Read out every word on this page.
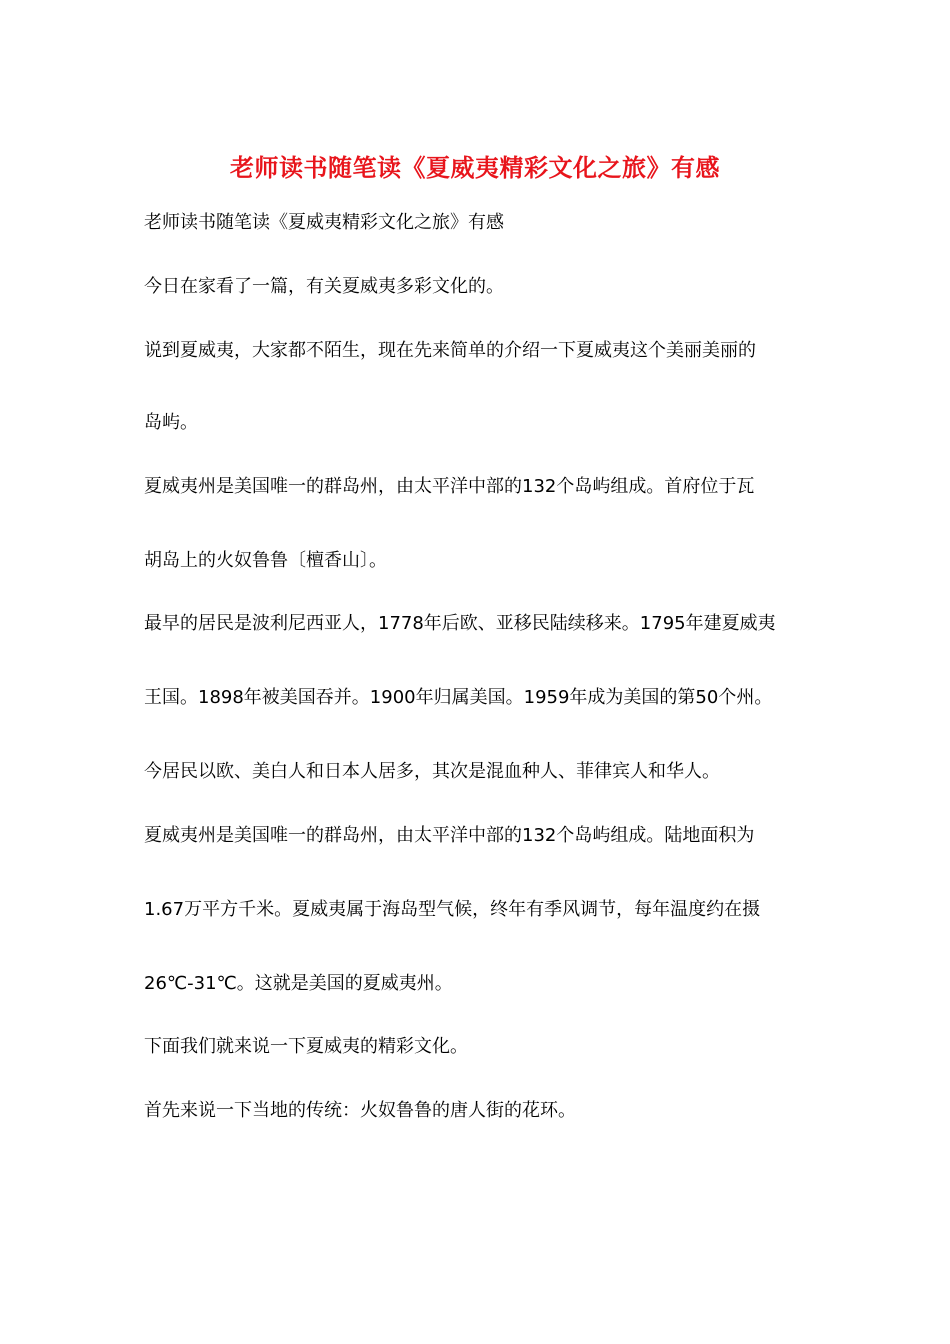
老师读书随笔读《夏威夷精彩文化之旅》有感
老师读书随笔读《夏威夷精彩文化之旅》有感
今日在家看了一篇，有关夏威夷多彩文化的。
说到夏威夷，大家都不陌生，现在先来简单的介绍一下夏威夷这个美丽美丽的
岛屿。
夏威夷州是美国唯一的群岛州，由太平洋中部的132个岛屿组成。首府位于瓦
胡岛上的火奴鲁鲁〔檀香山〕。
最早的居民是波利尼西亚人，1778年后欧、亚移民陆续移来。1795年建夏威夷
王国。1898年被美国吞并。1900年归属美国。1959年成为美国的第50个州。
今居民以欧、美白人和日本人居多，其次是混血种人、菲律宾人和华人。
夏威夷州是美国唯一的群岛州，由太平洋中部的132个岛屿组成。陆地面积为
1.67万平方千米。夏威夷属于海岛型气候，终年有季风调节，每年温度约在摄
26℃-31℃。这就是美国的夏威夷州。
下面我们就来说一下夏威夷的精彩文化。
首先来说一下当地的传统：火奴鲁鲁的唐人街的花环。
